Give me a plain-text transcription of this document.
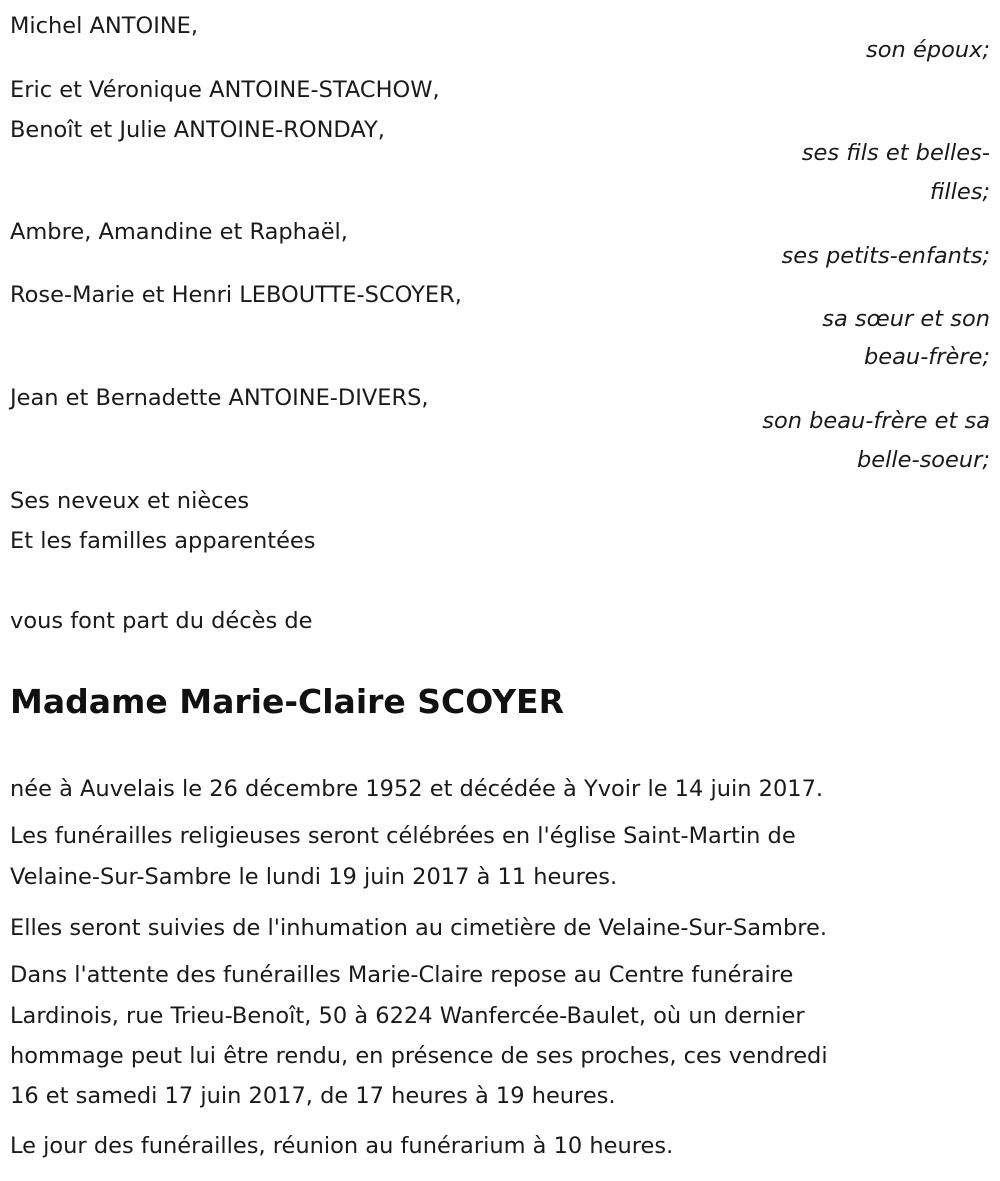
Michel ANTOINE,
son époux;
Eric et Véronique ANTOINE-STACHOW,
Benoît et Julie ANTOINE-RONDAY,
ses fils et belles-
filles;
Ambre, Amandine et Raphaël,
ses petits-enfants;
Rose-Marie et Henri LEBOUTTE-SCOYER,
sa sœur et son
beau-frère;
Jean et Bernadette ANTOINE-DIVERS,
son beau-frère et sa
belle-soeur;
Ses neveux et nièces
Et les familles apparentées
vous font part du décès de
Madame Marie-Claire SCOYER
née à Auvelais le 26 décembre 1952 et décédée à Yvoir le 14 juin 2017.
Les funérailles religieuses seront célébrées en l'église Saint-Martin de
Velaine-Sur-Sambre le lundi 19 juin 2017 à 11 heures.
Elles seront suivies de l'inhumation au cimetière de Velaine-Sur-Sambre.
Dans l'attente des funérailles Marie-Claire repose au Centre funéraire
Lardinois, rue Trieu-Benoît, 50 à 6224 Wanfercée-Baulet, où un dernier
hommage peut lui être rendu, en présence de ses proches, ces vendredi
16 et samedi 17 juin 2017, de 17 heures à 19 heures.
Le jour des funérailles, réunion au funérarium à 10 heures.
